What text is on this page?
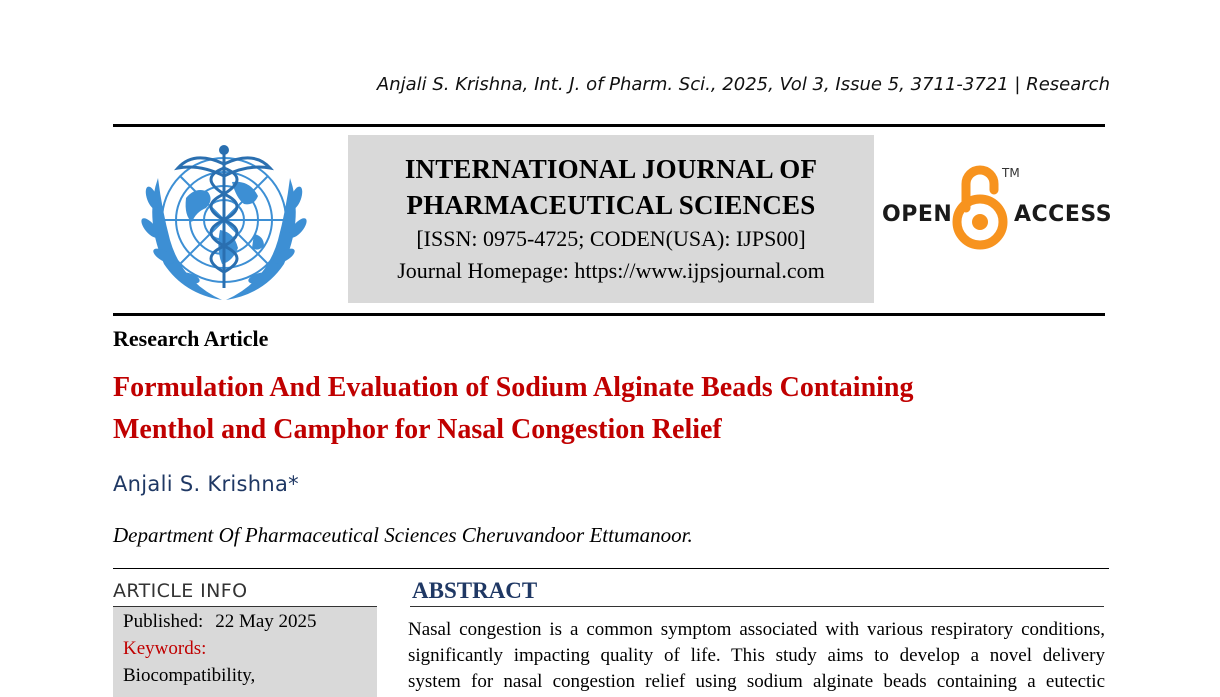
Anjali S. Krishna, Int. J. of Pharm. Sci., 2025, Vol 3, Issue 5, 3711-3721 | Research
INTERNATIONAL JOURNAL OF
PHARMACEUTICAL SCIENCES
[ISSN: 0975-4725; CODEN(USA): IJPS00]
Journal Homepage: https://www.ijpsjournal.com
OPEN
TM
ACCESS
Research Article
Formulation And Evaluation of Sodium Alginate Beads Containing
Menthol and Camphor for Nasal Congestion Relief
Anjali S. Krishna*
Department Of Pharmaceutical Sciences Cheruvandoor Ettumanoor.
ARTICLE INFO
Published: 22 May 2025
Keywords:
Biocompatibility,
ABSTRACT
Nasal congestion is a common symptom associated with various respiratory conditions,
significantly impacting quality of life. This study aims to develop a novel delivery
system for nasal congestion relief using sodium alginate beads containing a eutectic
